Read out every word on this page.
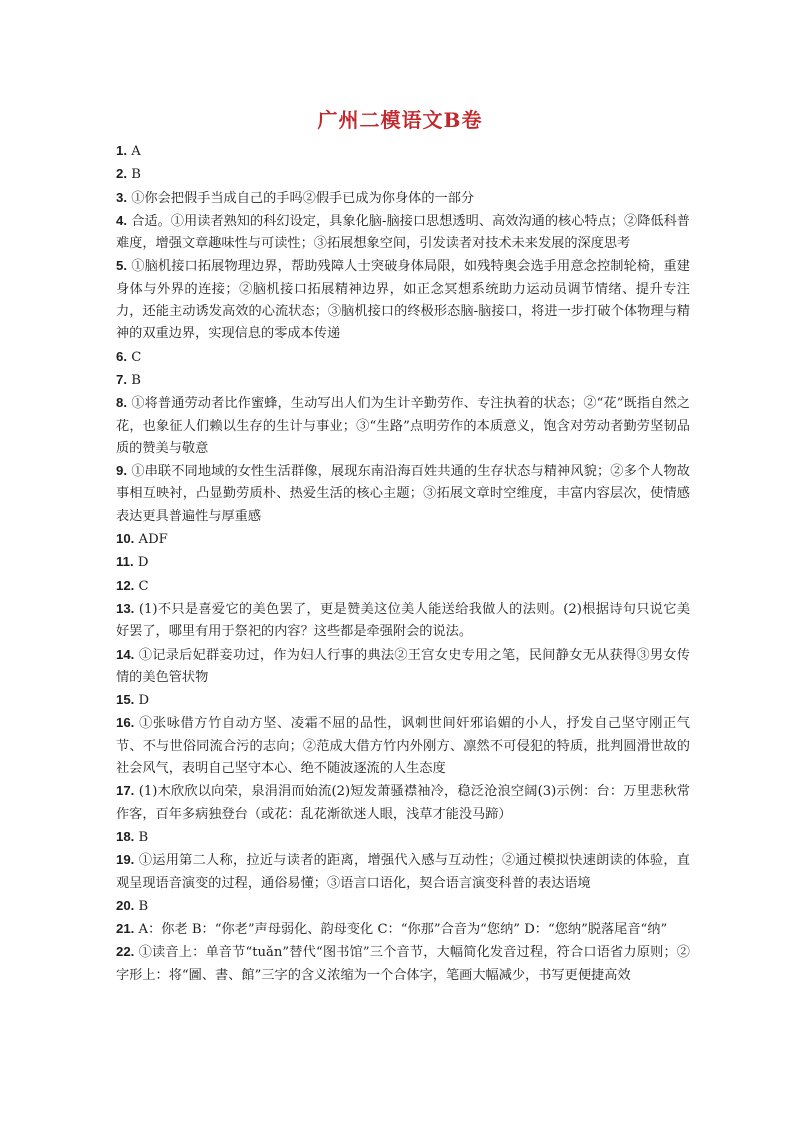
广州二模语文B卷
1. A
2. B
3. ①你会把假手当成自己的手吗②假手已成为你身体的一部分
4. 合适。①用读者熟知的科幻设定，具象化脑-脑接口思想透明、高效沟通的核心特点；②降低科普难度，增强文章趣味性与可读性；③拓展想象空间，引发读者对技术未来发展的深度思考
5. ①脑机接口拓展物理边界，帮助残障人士突破身体局限，如残特奥会选手用意念控制轮椅，重建身体与外界的连接；②脑机接口拓展精神边界，如正念冥想系统助力运动员调节情绪、提升专注力，还能主动诱发高效的心流状态；③脑机接口的终极形态脑-脑接口，将进一步打破个体物理与精神的双重边界，实现信息的零成本传递
6. C
7. B
8. ①将普通劳动者比作蜜蜂，生动写出人们为生计辛勤劳作、专注执着的状态；②“花”既指自然之花，也象征人们赖以生存的生计与事业；③“生路”点明劳作的本质意义，饱含对劳动者勤劳坚韧品质的赞美与敬意
9. ①串联不同地域的女性生活群像，展现东南沿海百姓共通的生存状态与精神风貌；②多个人物故事相互映衬，凸显勤劳质朴、热爱生活的核心主题；③拓展文章时空维度，丰富内容层次，使情感表达更具普遍性与厚重感
10. ADF
11. D
12. C
13. (1)不只是喜爱它的美色罢了，更是赞美这位美人能送给我做人的法则。(2)根据诗句只说它美好罢了，哪里有用于祭祀的内容？这些都是牵强附会的说法。
14. ①记录后妃群妾功过，作为妇人行事的典法②王宫女史专用之笔，民间静女无从获得③男女传情的美色管状物
15. D
16. ①张咏借方竹自动方坚、凌霜不屈的品性，讽刺世间奸邪谄媚的小人，抒发自己坚守刚正气节、不与世俗同流合污的志向；②范成大借方竹内外刚方、凛然不可侵犯的特质，批判圆滑世故的社会风气，表明自己坚守本心、绝不随波逐流的人生态度
17. (1)木欣欣以向荣，泉涓涓而始流(2)短发萧骚襟袖冷，稳泛沧浪空阔(3)示例：台：万里悲秋常作客，百年多病独登台（或花：乱花渐欲迷人眼，浅草才能没马蹄）
18. B
19. ①运用第二人称，拉近与读者的距离，增强代入感与互动性；②通过模拟快速朗读的体验，直观呈现语音演变的过程，通俗易懂；③语言口语化，契合语言演变科普的表达语境
20. B
21. A：你老 B：“你老”声母弱化、韵母变化 C：“你那”合音为“您纳” D：“您纳”脱落尾音“纳”
22. ①读音上：单音节“tuǎn”替代“图书馆”三个音节，大幅简化发音过程，符合口语省力原则；②字形上：将“圖、書、館”三字的含义浓缩为一个合体字，笔画大幅减少，书写更便捷高效
